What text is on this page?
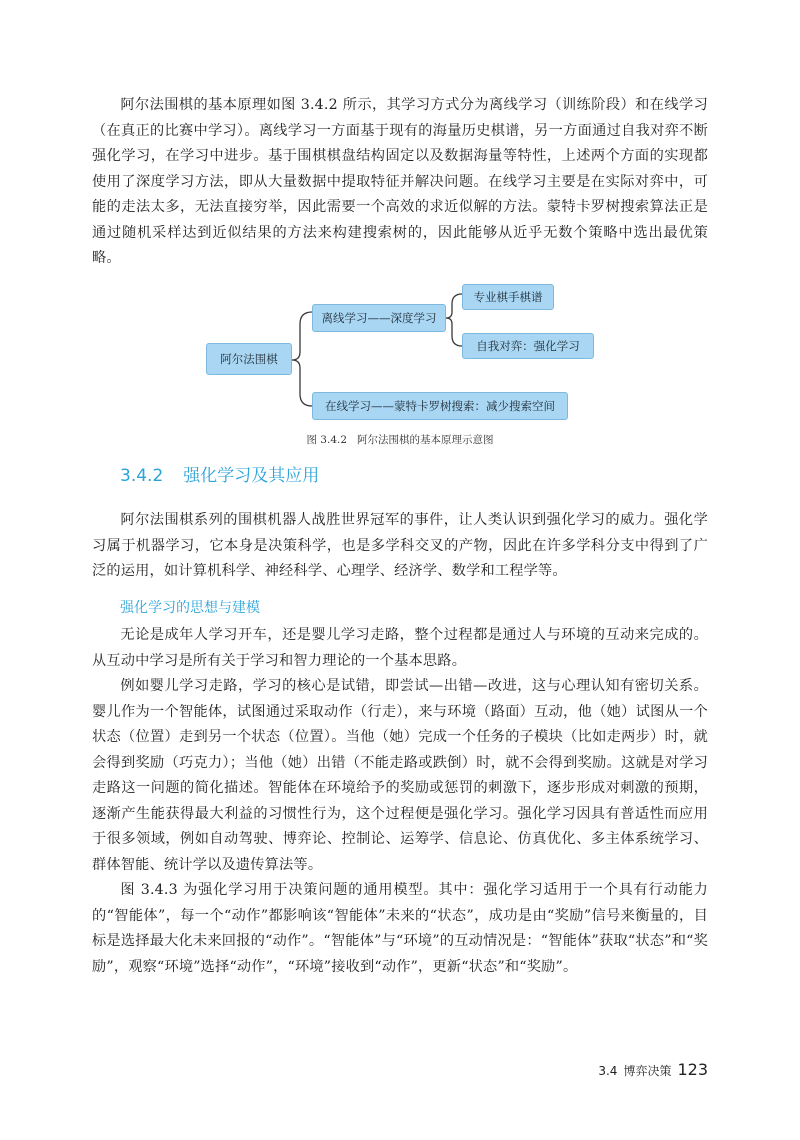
阿尔法围棋的基本原理如图 3.4.2 所示，其学习方式分为离线学习（训练阶段）和在线学习（在真正的比赛中学习）。离线学习一方面基于现有的海量历史棋谱，另一方面通过自我对弈不断强化学习，在学习中进步。基于围棋棋盘结构固定以及数据海量等特性，上述两个方面的实现都使用了深度学习方法，即从大量数据中提取特征并解决问题。在线学习主要是在实际对弈中，可能的走法太多，无法直接穷举，因此需要一个高效的求近似解的方法。蒙特卡罗树搜索算法正是通过随机采样达到近似结果的方法来构建搜索树的，因此能够从近乎无数个策略中选出最优策略。

阿尔法围棋
离线学习——深度学习
专业棋手棋谱
自我对弈：强化学习
在线学习——蒙特卡罗树搜索：减少搜索空间

图 3.4.2 阿尔法围棋的基本原理示意图

3.4.2 强化学习及其应用

阿尔法围棋系列的围棋机器人战胜世界冠军的事件，让人类认识到强化学习的威力。强化学习属于机器学习，它本身是决策科学，也是多学科交叉的产物，因此在许多学科分支中得到了广泛的运用，如计算机科学、神经科学、心理学、经济学、数学和工程学等。

强化学习的思想与建模

无论是成年人学习开车，还是婴儿学习走路，整个过程都是通过人与环境的互动来完成的。从互动中学习是所有关于学习和智力理论的一个基本思路。

例如婴儿学习走路，学习的核心是试错，即尝试—出错—改进，这与心理认知有密切关系。婴儿作为一个智能体，试图通过采取动作（行走），来与环境（路面）互动，他（她）试图从一个状态（位置）走到另一个状态（位置）。当他（她）完成一个任务的子模块（比如走两步）时，就会得到奖励（巧克力）；当他（她）出错（不能走路或跌倒）时，就不会得到奖励。这就是对学习走路这一问题的简化描述。智能体在环境给予的奖励或惩罚的刺激下，逐步形成对刺激的预期，逐渐产生能获得最大利益的习惯性行为，这个过程便是强化学习。强化学习因具有普适性而应用于很多领域，例如自动驾驶、博弈论、控制论、运筹学、信息论、仿真优化、多主体系统学习、群体智能、统计学以及遗传算法等。

图 3.4.3 为强化学习用于决策问题的通用模型。其中：强化学习适用于一个具有行动能力的“智能体”，每一个“动作”都影响该“智能体”未来的“状态”，成功是由“奖励”信号来衡量的，目标是选择最大化未来回报的“动作”。“智能体”与“环境”的互动情况是：“智能体”获取“状态”和“奖励”，观察“环境”选择“动作”，“环境”接收到“动作”，更新“状态”和“奖励”。

3.4 博弈决策 123
